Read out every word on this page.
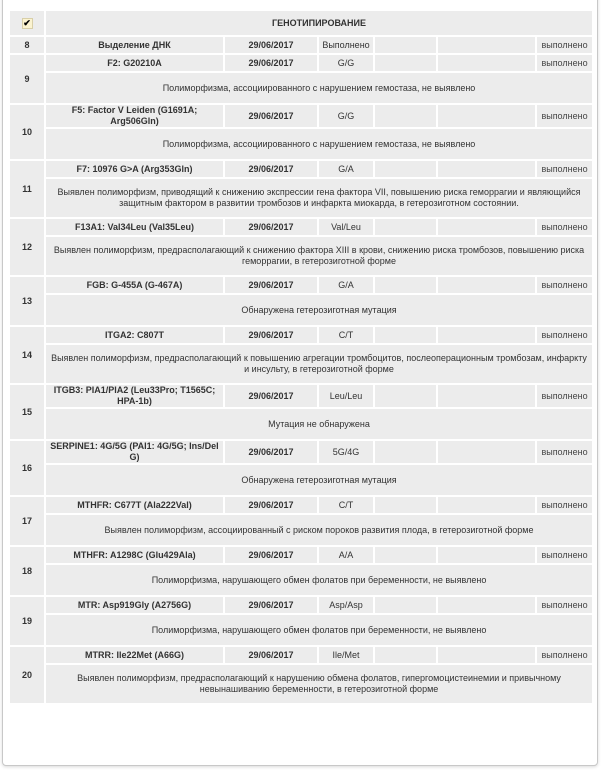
✔	ГЕНОТИПИРОВАНИЕ					
8	Выделение ДНК	29/06/2017	Выполнено			выполнено
9	F2: G20210A	29/06/2017	G/G			выполнено
	Полиморфизма, ассоциированного с нарушением гемостаза, не выявлено					
10	F5: Factor V Leiden (G1691A; Arg506Gln)	29/06/2017	G/G			выполнено
	Полиморфизма, ассоциированного с нарушением гемостаза, не выявлено					
11	F7: 10976 G>A (Arg353Gln)	29/06/2017	G/A			выполнено
	Выявлен полиморфизм, приводящий к снижению экспрессии гена фактора VII, повышению риска геморрагии и являющийся защитным фактором в развитии тромбозов и инфаркта миокарда, в гетерозиготном состоянии.					
12	F13A1: Val34Leu (Val35Leu)	29/06/2017	Val/Leu			выполнено
	Выявлен полиморфизм, предрасполагающий к снижению фактора XIII в крови, снижению риска тромбозов, повышению риска геморрагии, в гетерозиготной форме					
13	FGB: G-455A (G-467A)	29/06/2017	G/A			выполнено
	Обнаружена гетерозиготная мутация					
14	ITGA2: C807T	29/06/2017	C/T			выполнено
	Выявлен полиморфизм, предрасполагающий к повышению агрегации тромбоцитов, послеоперационным тромбозам, инфаркту и инсульту, в гетерозиготной форме					
15	ITGB3: PIA1/PIA2 (Leu33Pro; T1565C; HPA-1b)	29/06/2017	Leu/Leu			выполнено
	Мутация не обнаружена					
16	SERPINE1: 4G/5G (PAI1: 4G/5G; Ins/Del G)	29/06/2017	5G/4G			выполнено
	Обнаружена гетерозиготная мутация					
17	MTHFR: C677T (Ala222Val)	29/06/2017	C/T			выполнено
	Выявлен полиморфизм, ассоциированный с риском пороков развития плода, в гетерозиготной форме					
18	MTHFR: A1298C (Glu429Ala)	29/06/2017	A/A			выполнено
	Полиморфизма, нарушающего обмен фолатов при беременности, не выявлено					
19	MTR: Asp919Gly (A2756G)	29/06/2017	Asp/Asp			выполнено
	Полиморфизма, нарушающего обмен фолатов при беременности, не выявлено					
20	MTRR: Ile22Met (A66G)	29/06/2017	Ile/Met			выполнено
	Выявлен полиморфизм, предрасполагающий к нарушению обмена фолатов, гипергомоцистеинемии и привычному невынашиванию беременности, в гетерозиготной форме					
